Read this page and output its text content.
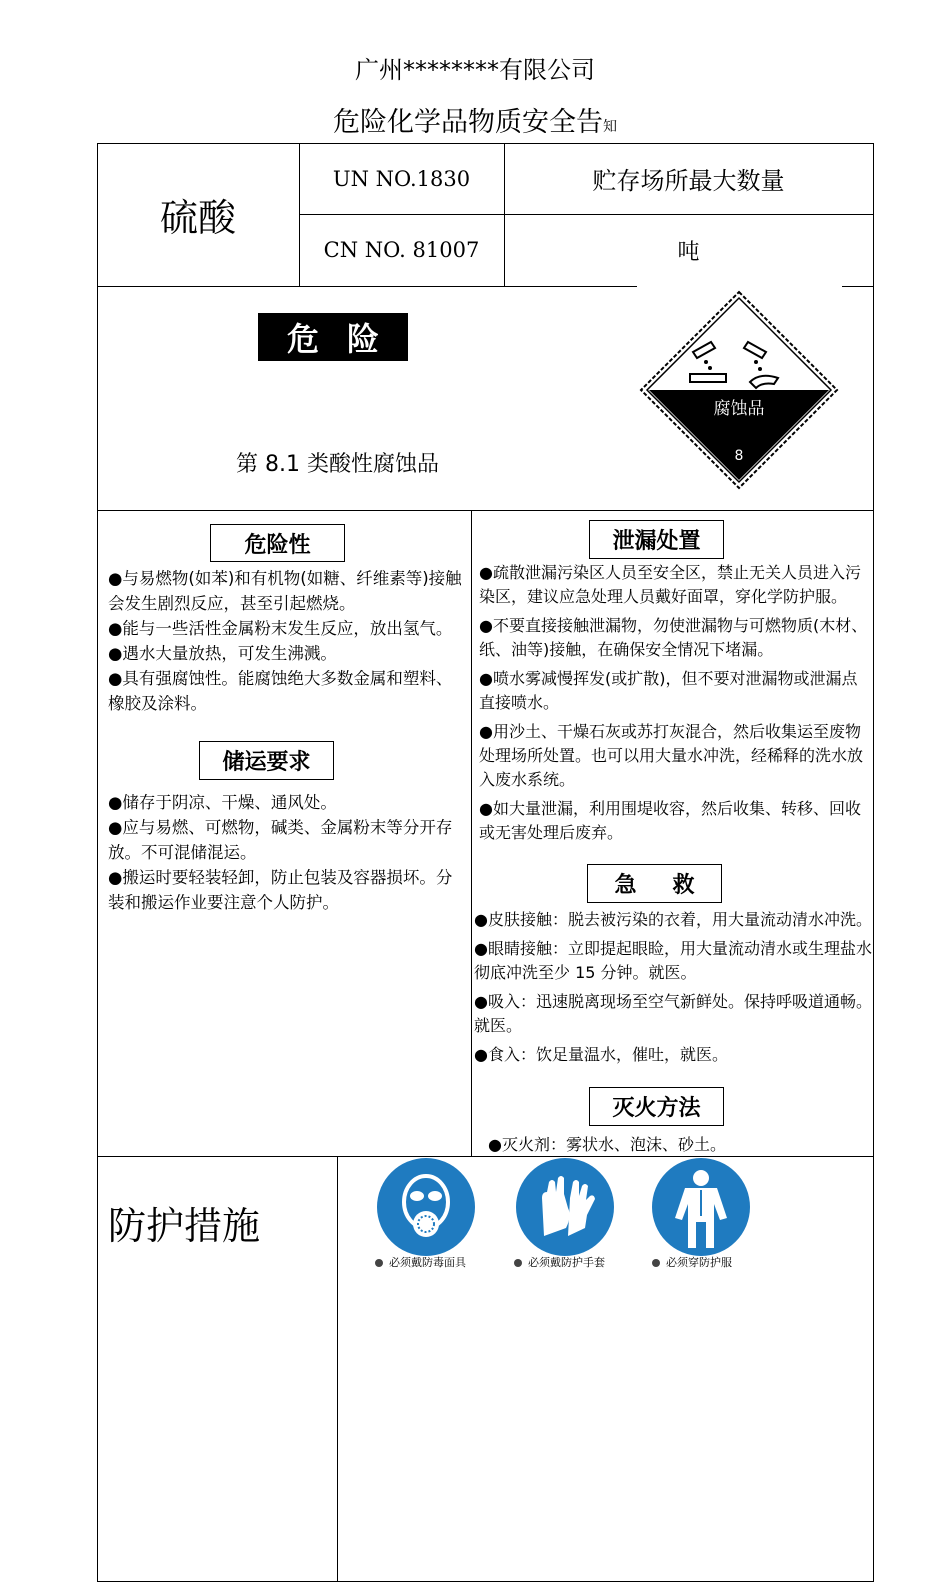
广州********有限公司
危险化学品物质安全告知
硫酸
UN NO.1830
CN NO. 81007
贮存场所最大数量
吨
危 险
第 8.1 类酸性腐蚀品
腐蚀品
8
危险性

●与易燃物(如苯)和有机物(如糖、纤维素等)接触会发生剧烈反应，甚至引起燃烧。

●能与一些活性金属粉末发生反应，放出氢气。

●遇水大量放热，可发生沸溅。

●具有强腐蚀性。能腐蚀绝大多数金属和塑料、橡胶及涂料。

储运要求

●储存于阴凉、干燥、通风处。

●应与易燃、可燃物，碱类、金属粉末等分开存放。不可混储混运。

●搬运时要轻装轻卸，防止包装及容器损坏。分装和搬运作业要注意个人防护。

泄漏处置

●疏散泄漏污染区人员至安全区，禁止无关人员进入污染区，建议应急处理人员戴好面罩，穿化学防护服。

●不要直接接触泄漏物，勿使泄漏物与可燃物质(木材、纸、油等)接触，在确保安全情况下堵漏。

●喷水雾减慢挥发(或扩散)，但不要对泄漏物或泄漏点直接喷水。

●用沙土、干燥石灰或苏打灰混合，然后收集运至废物处理场所处置。也可以用大量水冲洗，经稀释的洗水放入废水系统。

●如大量泄漏，利用围堤收容，然后收集、转移、回收或无害处理后废弃。

急 救

●皮肤接触：脱去被污染的衣着，用大量流动清水冲洗。

●眼睛接触：立即提起眼睑，用大量流动清水或生理盐水彻底冲洗至少 15 分钟。就医。

●吸入：迅速脱离现场至空气新鲜处。保持呼吸道通畅。就医。

●食入：饮足量温水，催吐，就医。

灭火方法
●灭火剂：雾状水、泡沫、砂土。
防护措施
必须戴防毒面具	必须戴防护手套	必须穿防护服
